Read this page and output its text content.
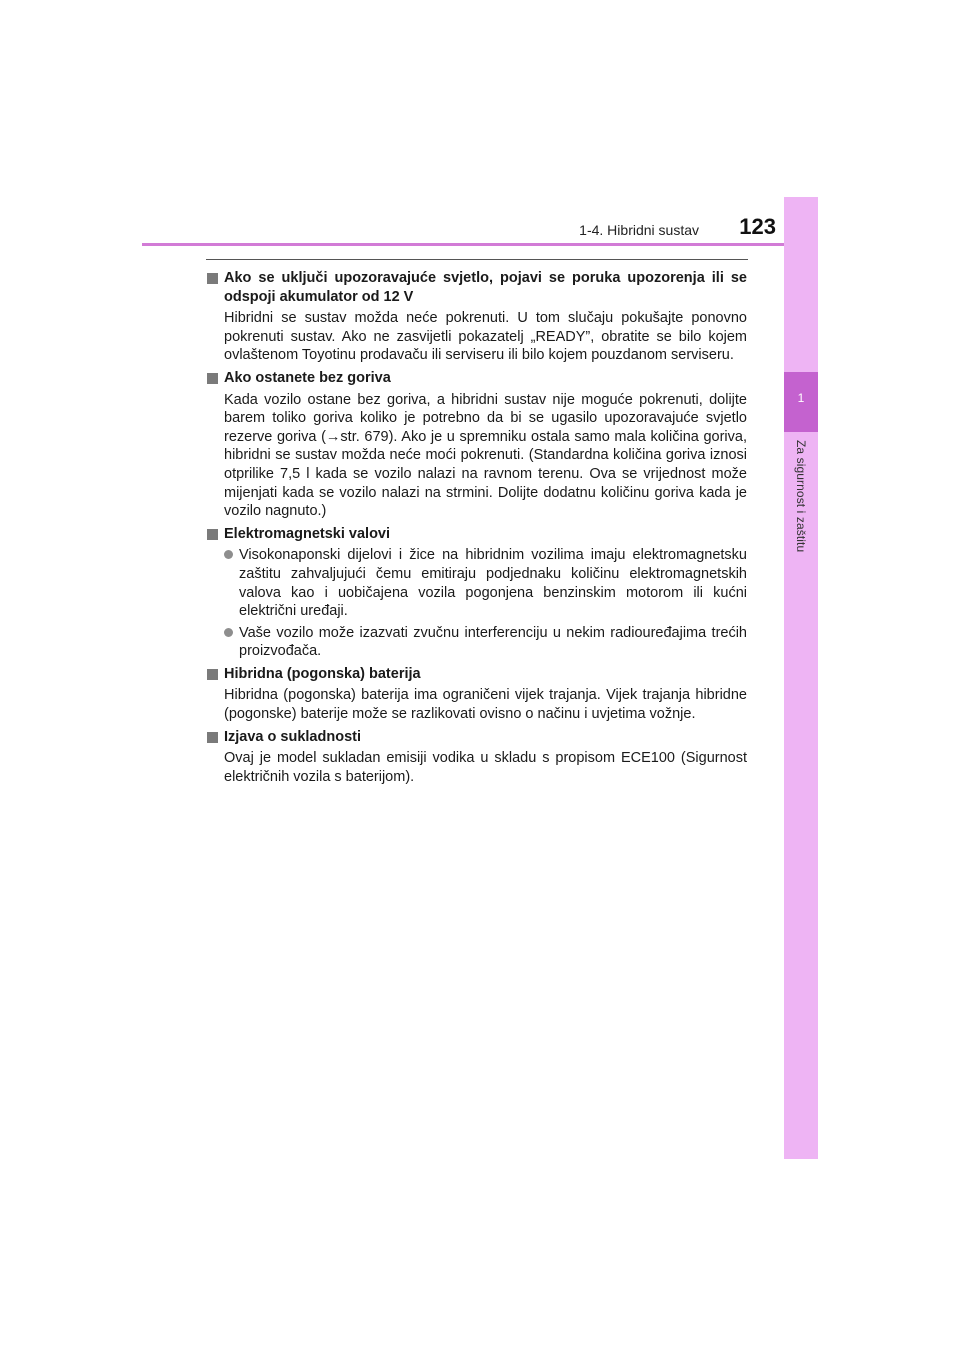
1-4. Hibridni sustav	123
1
Za sigurnost i zaštitu
Ako se uključi upozoravajuće svjetlo, pojavi se poruka upozorenja ili se odspoji akumulator od 12 V
Hibridni se sustav možda neće pokrenuti. U tom slučaju pokušajte ponovno pokrenuti sustav. Ako ne zasvijetli pokazatelj „READY”, obratite se bilo kojem ovlaštenom Toyotinu prodavaču ili serviseru ili bilo kojem pouzdanom serviseru.
Ako ostanete bez goriva
Kada vozilo ostane bez goriva, a hibridni sustav nije moguće pokrenuti, dolijte barem toliko goriva koliko je potrebno da bi se ugasilo upozoravajuće svjetlo rezerve goriva (→str. 679). Ako je u spremniku ostala samo mala količina goriva, hibridni se sustav možda neće moći pokrenuti. (Standardna količina goriva iznosi otprilike 7,5 l kada se vozilo nalazi na ravnom terenu. Ova se vrijednost može mijenjati kada se vozilo nalazi na strmini. Dolijte dodatnu količinu goriva kada je vozilo nagnuto.)
Elektromagnetski valovi
Visokonaponski dijelovi i žice na hibridnim vozilima imaju elektromagnetsku zaštitu zahvaljujući čemu emitiraju podjednaku količinu elektromagnetskih valova kao i uobičajena vozila pogonjena benzinskim motorom ili kućni električni uređaji.
Vaše vozilo može izazvati zvučnu interferenciju u nekim radiouređajima trećih proizvođača.
Hibridna (pogonska) baterija
Hibridna (pogonska) baterija ima ograničeni vijek trajanja. Vijek trajanja hibridne (pogonske) baterije može se razlikovati ovisno o načinu i uvjetima vožnje.
Izjava o sukladnosti
Ovaj je model sukladan emisiji vodika u skladu s propisom ECE100 (Sigurnost električnih vozila s baterijom).
